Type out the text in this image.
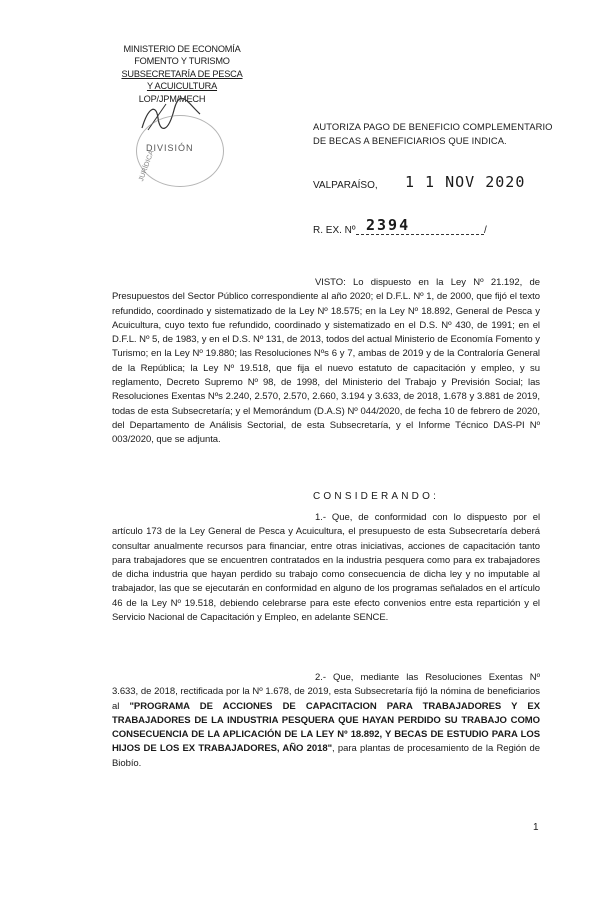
MINISTERIO DE ECONOMÍA
FOMENTO Y TURISMO
SUBSECRETARÍA DE PESCA
Y ACUICULTURA
LOP/JPM/MECH
DIVISIÓN
JURÍDICA
AUTORIZA PAGO DE BENEFICIO COMPLEMENTARIO DE BECAS A BENEFICIARIOS QUE INDICA.
VALPARAÍSO, 1 1 NOV 2020
R. EX. Nº 2394	/
VISTO: Lo dispuesto en la Ley Nº 21.192, de Presupuestos del Sector Público correspondiente al año 2020; el D.F.L. Nº 1, de 2000, que fijó el texto refundido, coordinado y sistematizado de la Ley Nº 18.575; en la Ley Nº 18.892, General de Pesca y Acuicultura, cuyo texto fue refundido, coordinado y sistematizado en el D.S. Nº 430, de 1991; en el D.F.L. Nº 5, de 1983, y en el D.S. Nº 131, de 2013, todos del actual Ministerio de Economía Fomento y Turismo; en la Ley Nº 19.880; las Resoluciones Nºs 6 y 7, ambas de 2019 y de la Contraloría General de la República; la Ley Nº 19.518, que fija el nuevo estatuto de capacitación y empleo, y su reglamento, Decreto Supremo Nº 98, de 1998, del Ministerio del Trabajo y Previsión Social; las Resoluciones Exentas Nºs 2.240, 2.570, 2.570, 2.660, 3.194 y 3.633, de 2018, 1.678 y 3.881 de 2019, todas de esta Subsecretaría; y el Memorándum (D.A.S) Nº 044/2020, de fecha 10 de febrero de 2020, del Departamento de Análisis Sectorial, de esta Subsecretaría, y el Informe Técnico DAS-PI Nº 003/2020, que se adjunta.
CONSIDERANDO:
1.- Que, de conformidad con lo dispuesto por el artículo 173 de la Ley General de Pesca y Acuicultura, el presupuesto de esta Subsecretaría deberá consultar anualmente recursos para financiar, entre otras iniciativas, acciones de capacitación tanto para trabajadores que se encuentren contratados en la industria pesquera como para ex trabajadores de dicha industria que hayan perdido su trabajo como consecuencia de dicha ley y no imputable al trabajador, las que se ejecutarán en conformidad en alguno de los programas señalados en el artículo 46 de la Ley Nº 19.518, debiendo celebrarse para este efecto convenios entre esta repartición y el Servicio Nacional de Capacitación y Empleo, en adelante SENCE.
2.- Que, mediante las Resoluciones Exentas Nº 3.633, de 2018, rectificada por la Nº 1.678, de 2019, esta Subsecretaría fijó la nómina de beneficiarios al "PROGRAMA DE ACCIONES DE CAPACITACION PARA TRABAJADORES Y EX TRABAJADORES DE LA INDUSTRIA PESQUERA QUE HAYAN PERDIDO SU TRABAJO COMO CONSECUENCIA DE LA APLICACIÓN DE LA LEY Nº 18.892, Y BECAS DE ESTUDIO PARA LOS HIJOS DE LOS EX TRABAJADORES, AÑO 2018", para plantas de procesamiento de la Región de Biobío.
1
